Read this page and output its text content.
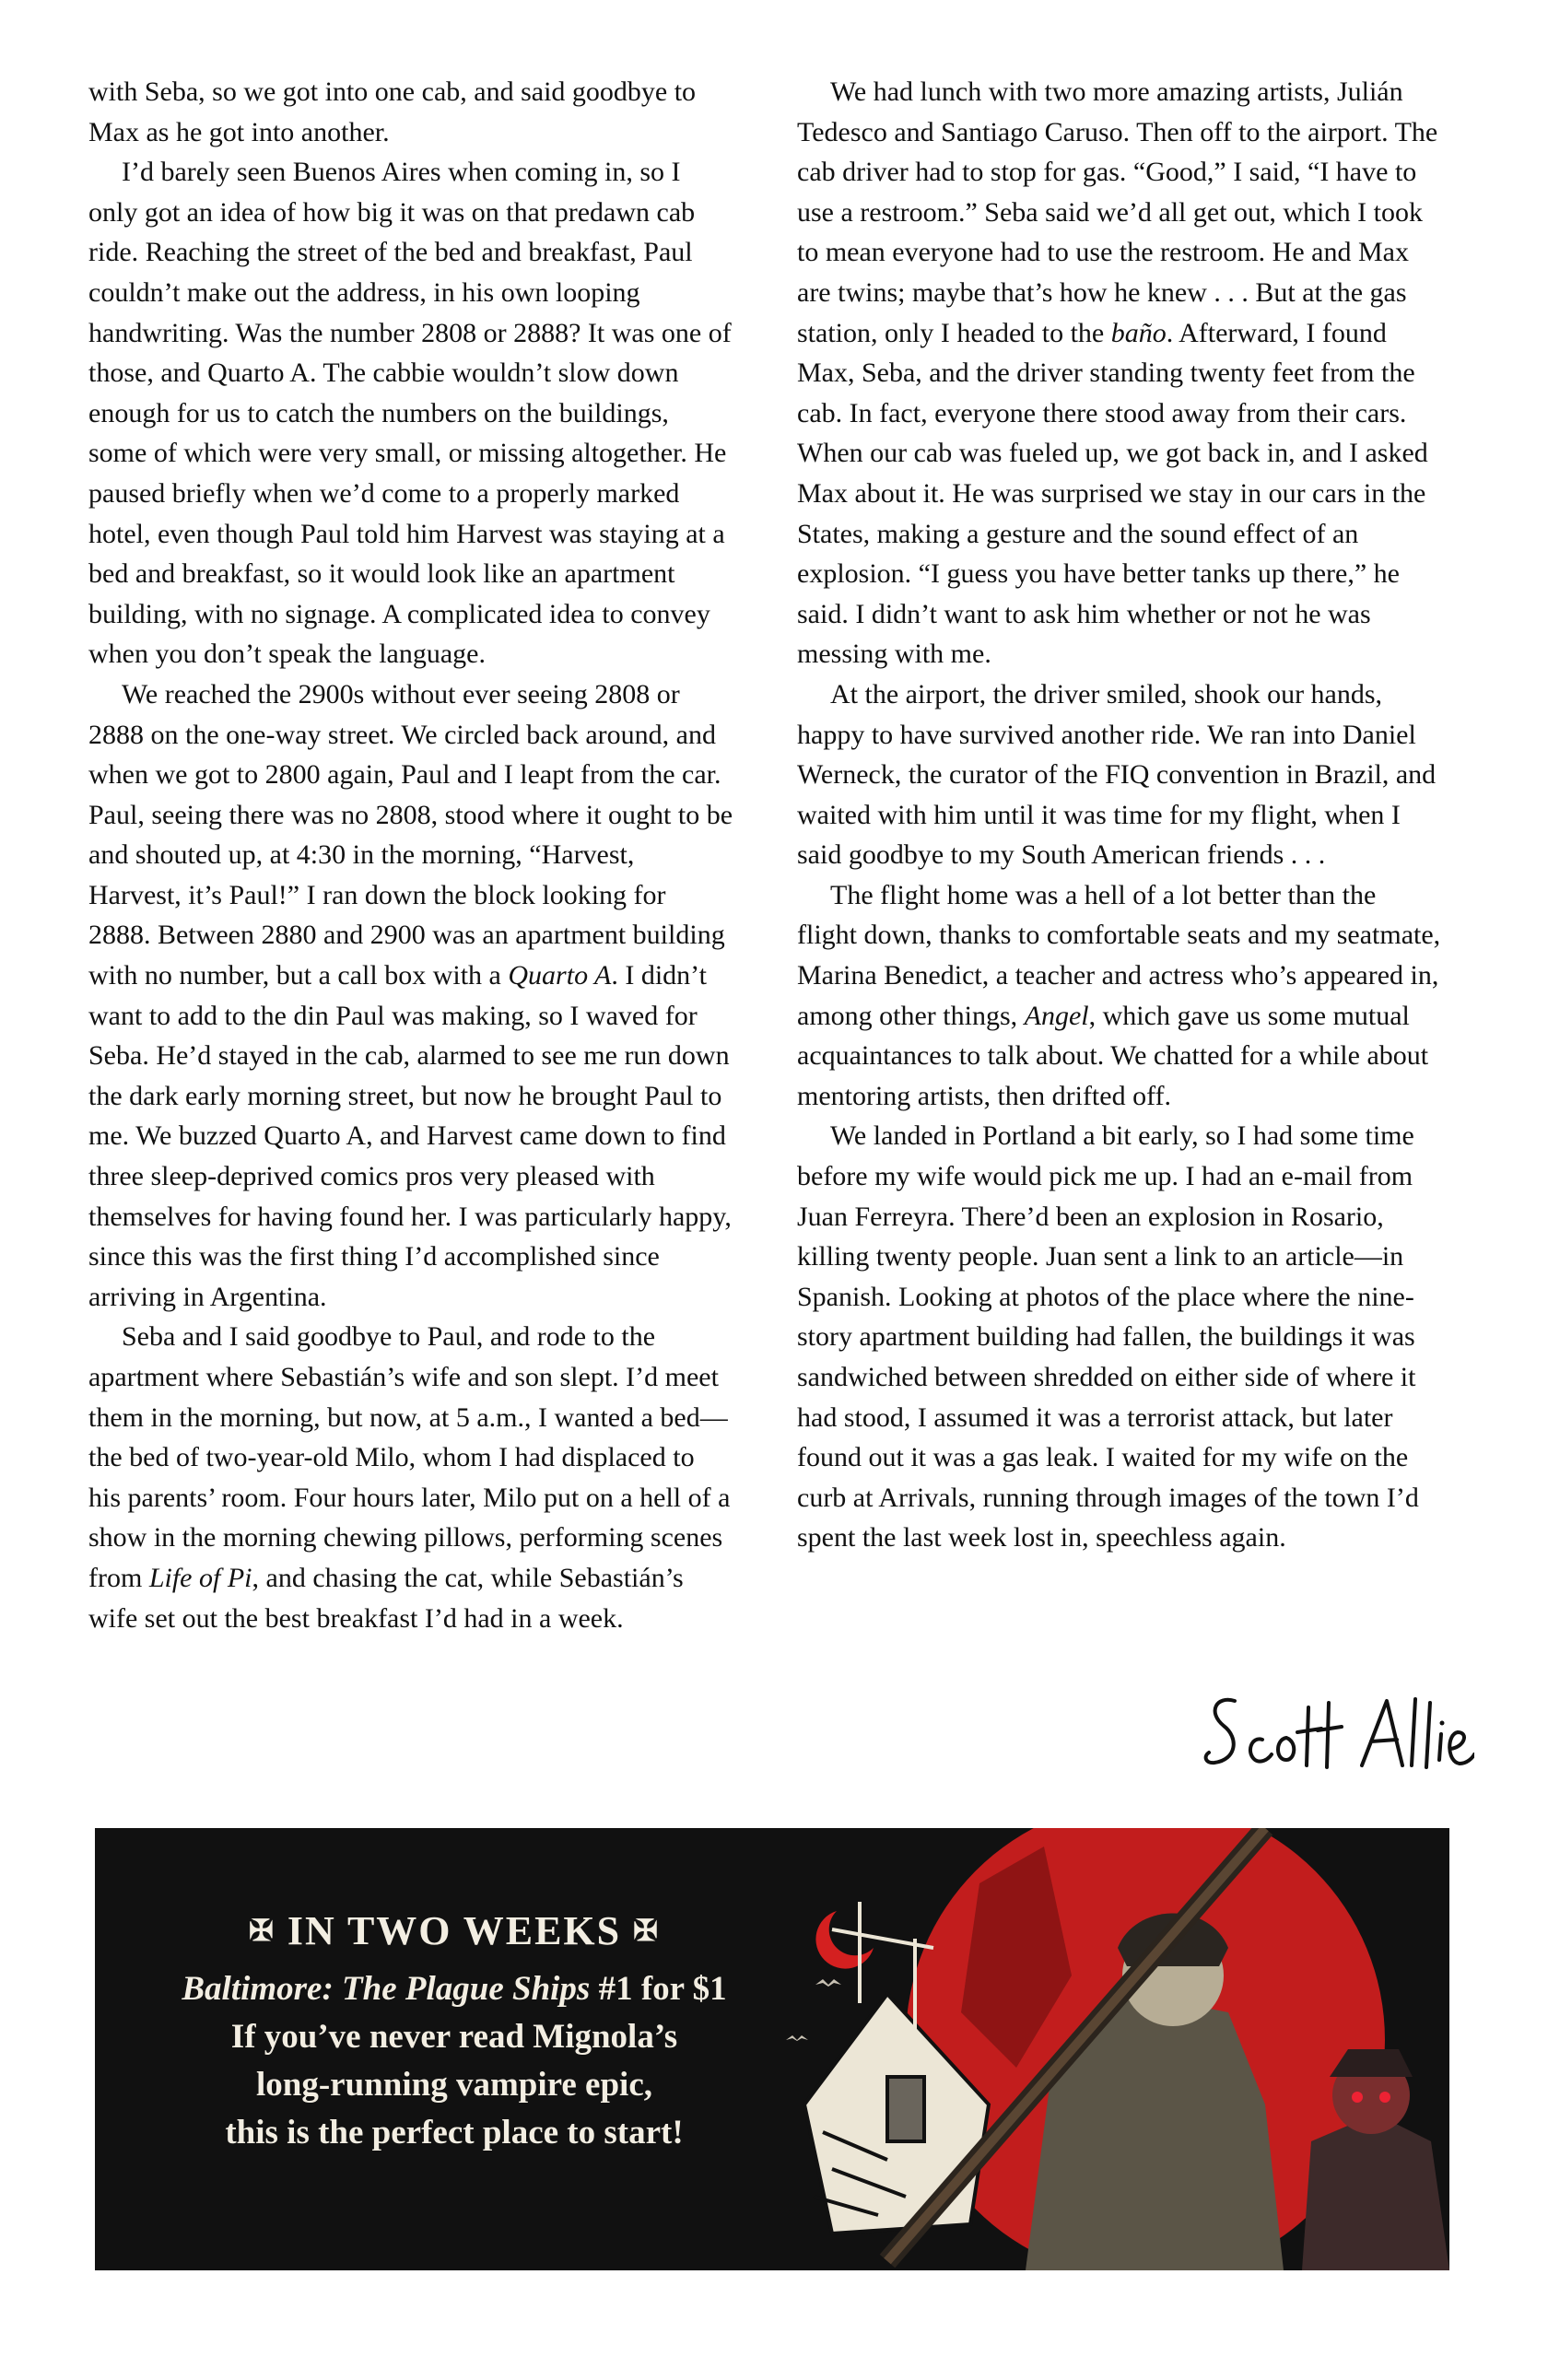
with Seba, so we got into one cab, and said goodbye to Max as he got into another.

I’d barely seen Buenos Aires when coming in, so I only got an idea of how big it was on that predawn cab ride. Reaching the street of the bed and breakfast, Paul couldn’t make out the address, in his own looping handwriting. Was the number 2808 or 2888? It was one of those, and Quarto A. The cabbie wouldn’t slow down enough for us to catch the numbers on the buildings, some of which were very small, or missing altogether. He paused briefly when we’d come to a properly marked hotel, even though Paul told him Harvest was staying at a bed and breakfast, so it would look like an apartment building, with no signage. A complicated idea to convey when you don’t speak the language.

We reached the 2900s without ever seeing 2808 or 2888 on the one-way street. We circled back around, and when we got to 2800 again, Paul and I leapt from the car. Paul, seeing there was no 2808, stood where it ought to be and shouted up, at 4:30 in the morning, “Harvest, Harvest, it’s Paul!” I ran down the block looking for 2888. Between 2880 and 2900 was an apartment building with no number, but a call box with a Quarto A. I didn’t want to add to the din Paul was making, so I waved for Seba. He’d stayed in the cab, alarmed to see me run down the dark early morning street, but now he brought Paul to me. We buzzed Quarto A, and Harvest came down to find three sleep-deprived comics pros very pleased with themselves for having found her. I was particularly happy, since this was the first thing I’d accomplished since arriving in Argentina.

Seba and I said goodbye to Paul, and rode to the apartment where Sebastián’s wife and son slept. I’d meet them in the morning, but now, at 5 a.m., I wanted a bed—the bed of two-year-old Milo, whom I had displaced to his parents’ room. Four hours later, Milo put on a hell of a show in the morning chewing pillows, performing scenes from Life of Pi, and chasing the cat, while Sebastián’s wife set out the best breakfast I’d had in a week.

We had lunch with two more amazing artists, Julián Tedesco and Santiago Caruso. Then off to the airport. The cab driver had to stop for gas. “Good,” I said, “I have to use a restroom.” Seba said we’d all get out, which I took to mean everyone had to use the restroom. He and Max are twins; maybe that’s how he knew . . . But at the gas station, only I headed to the baño. Afterward, I found Max, Seba, and the driver standing twenty feet from the cab. In fact, everyone there stood away from their cars. When our cab was fueled up, we got back in, and I asked Max about it. He was surprised we stay in our cars in the States, making a gesture and the sound effect of an explosion. “I guess you have better tanks up there,” he said. I didn’t want to ask him whether or not he was messing with me.

At the airport, the driver smiled, shook our hands, happy to have survived another ride. We ran into Daniel Werneck, the curator of the FIQ convention in Brazil, and waited with him until it was time for my flight, when I said goodbye to my South American friends . . .

The flight home was a hell of a lot better than the flight down, thanks to comfortable seats and my seatmate, Marina Benedict, a teacher and actress who’s appeared in, among other things, Angel, which gave us some mutual acquaintances to talk about. We chatted for a while about mentoring artists, then drifted off.

We landed in Portland a bit early, so I had some time before my wife would pick me up. I had an e-mail from Juan Ferreyra. There’d been an explosion in Rosario, killing twenty people. Juan sent a link to an article—in Spanish. Looking at photos of the place where the nine-story apartment building had fallen, the buildings it was sandwiched between shredded on either side of where it had stood, I assumed it was a terrorist attack, but later found out it was a gas leak. I waited for my wife on the curb at Arrivals, running through images of the town I’d spent the last week lost in, speechless again.

✠ IN TWO WEEKS ✠
Baltimore: The Plague Ships #1 for $1
If you’ve never read Mignola’s
long-running vampire epic,
this is the perfect place to start!
